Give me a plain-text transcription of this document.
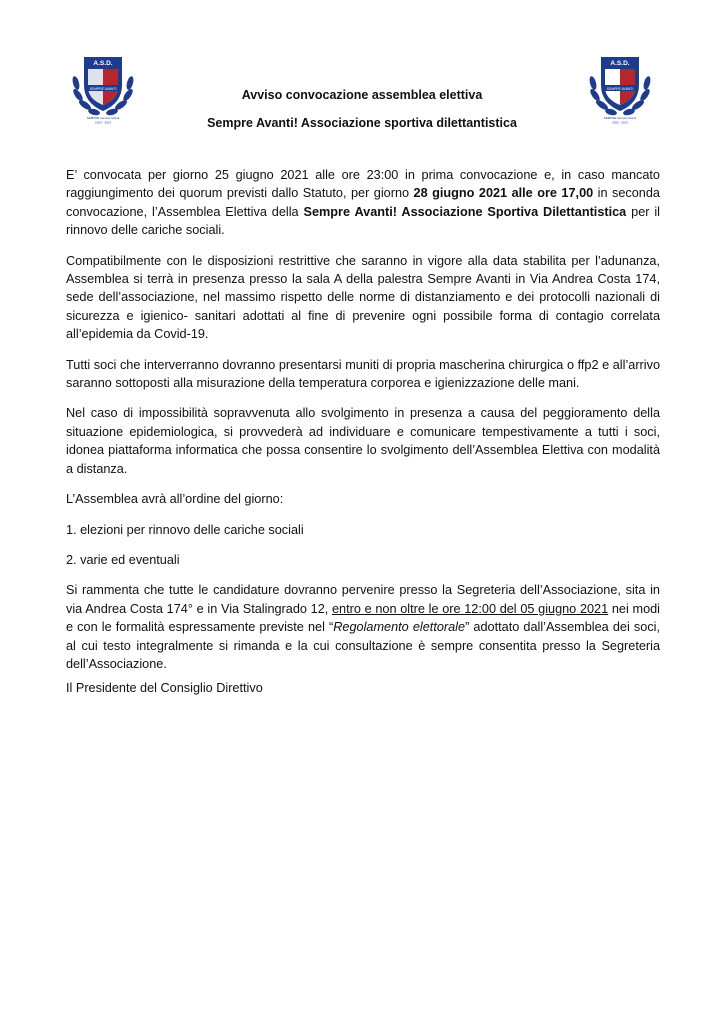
A.S.D.
SEMPRE AVANTI
SEMPRE sempre Avanti
1903 - 2013
A.S.D.
SEMPRE AVANTI
SEMPRE sempre Avanti
1903 - 2013
Avviso convocazione assemblea elettiva
Sempre Avanti! Associazione sportiva dilettantistica

E’ convocata per giorno 25 giugno 2021 alle ore 23:00 in prima convocazione e, in caso mancato raggiungimento dei quorum previsti dallo Statuto, per giorno 28 giugno 2021 alle ore 17,00 in seconda convocazione, l’Assemblea Elettiva della Sempre Avanti! Associazione Sportiva Dilettantistica per il rinnovo delle cariche sociali.

Compatibilmente con le disposizioni restrittive che saranno in vigore alla data stabilita per l’adunanza, Assemblea si terrà in presenza presso la sala A della palestra Sempre Avanti in Via Andrea Costa 174, sede dell’associazione, nel massimo rispetto delle norme di distanziamento e dei protocolli nazionali di sicurezza e igienico- sanitari adottati al fine di prevenire ogni possibile forma di contagio correlata all’epidemia da Covid-19.

Tutti soci che interverranno dovranno presentarsi muniti di propria mascherina chirurgica o ffp2 e all’arrivo saranno sottoposti alla misurazione della temperatura corporea e igienizzazione delle mani.

Nel caso di impossibilità sopravvenuta allo svolgimento in presenza a causa del peggioramento della situazione epidemiologica, si provvederà ad individuare e comunicare tempestivamente a tutti i soci, idonea piattaforma informatica che possa consentire lo svolgimento dell’Assemblea Elettiva con modalità a distanza.

L’Assemblea avrà all’ordine del giorno:

1. elezioni per rinnovo delle cariche sociali

2. varie ed eventuali

Si rammenta che tutte le candidature dovranno pervenire presso la Segreteria dell’Associazione, sita in via Andrea Costa 174° e in Via Stalingrado 12, entro e non oltre le ore 12:00 del 05 giugno 2021 nei modi e con le formalità espressamente previste nel “Regolamento elettorale” adottato dall’Assemblea dei soci, al cui testo integralmente si rimanda e la cui consultazione è sempre consentita presso la Segreteria dell’Associazione.

Il Presidente del Consiglio Direttivo
